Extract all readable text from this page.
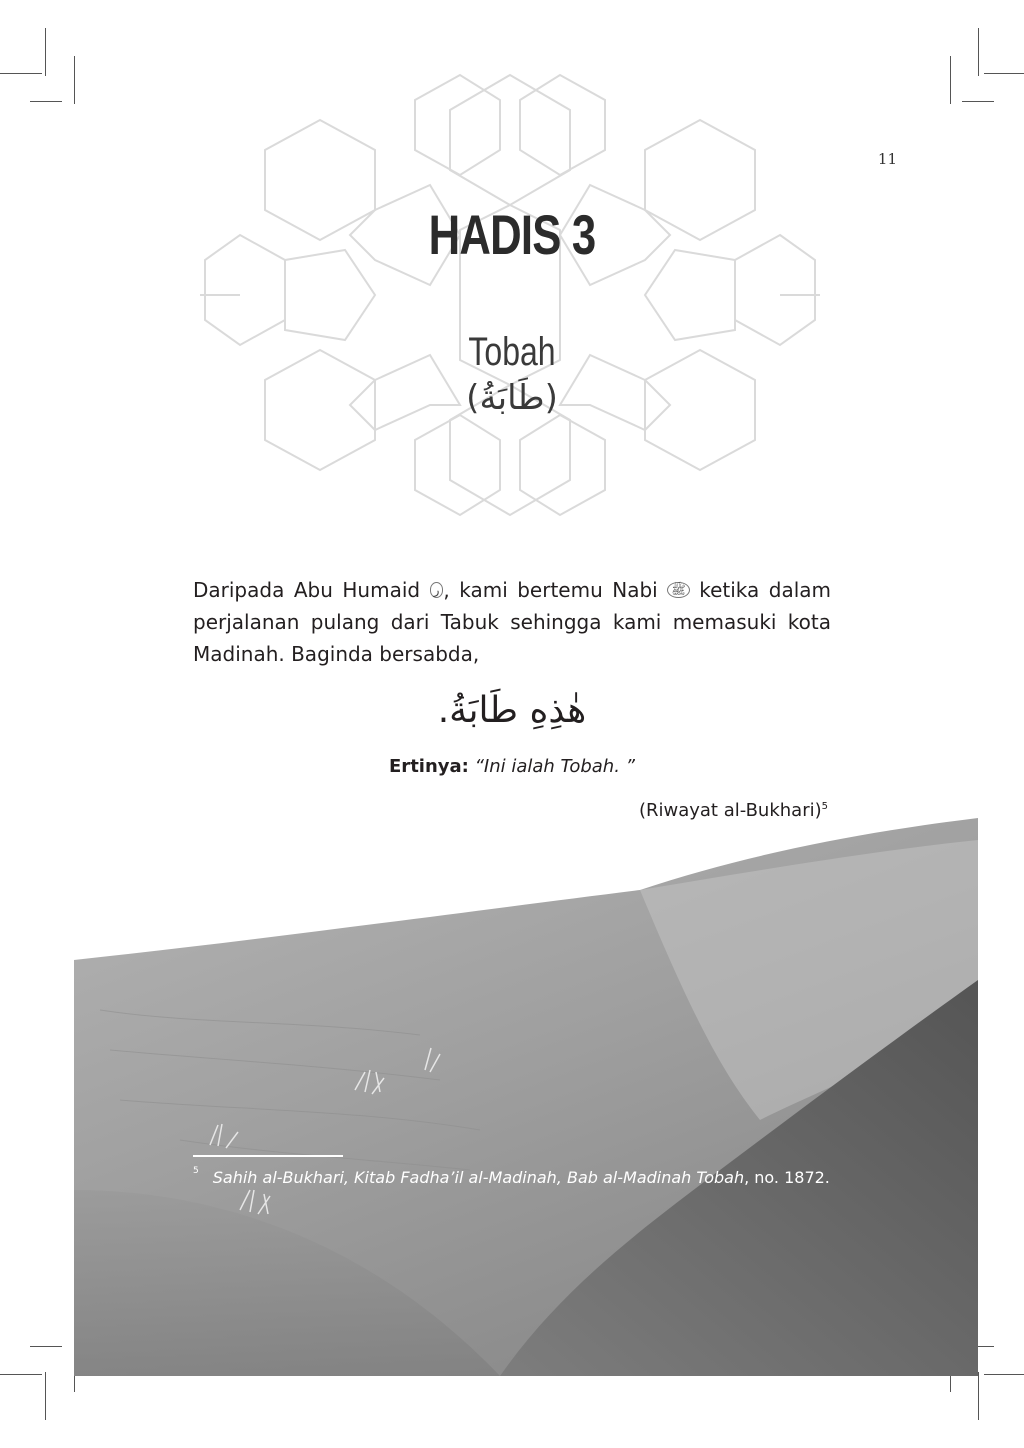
11
HADIS 3
Tobah
(طَابَةُ)
Daripada Abu Humaid ر , kami bertemu Nabi ﷺ ketika dalam perjalanan pulang dari Tabuk sehingga kami memasuki kota Madinah. Baginda bersabda,
هٰذِهِ طَابَةُ.
Ertinya: “Ini ialah Tobah. ”
(Riwayat al-Bukhari)$^5$
$^5$ Sahih al-Bukhari, Kitab Fadha’il al-Madinah, Bab al-Madinah Tobah, no. 1872.
